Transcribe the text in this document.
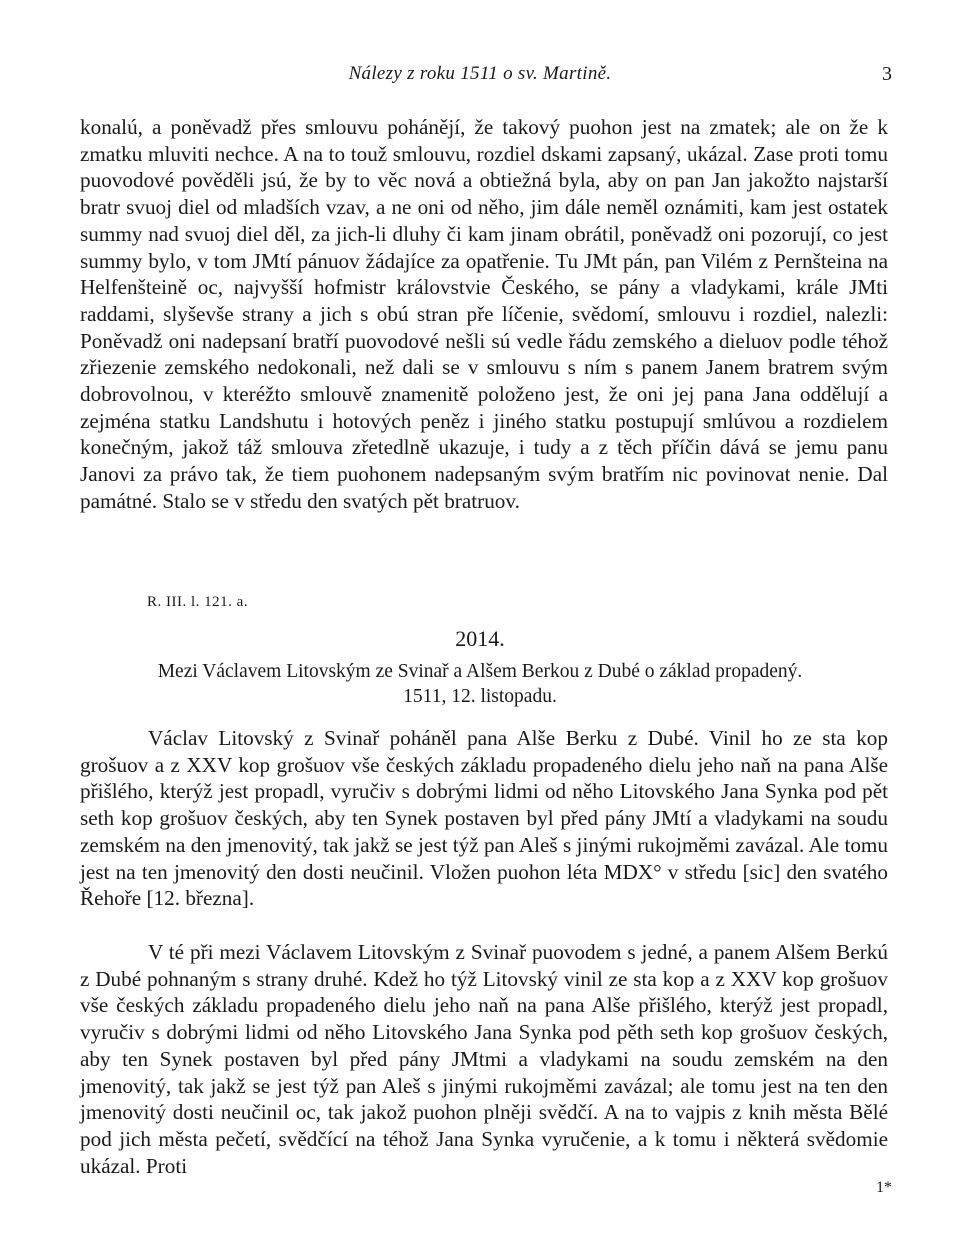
Nálezy z roku 1511 o sv. Martině.	3

konalú, a poněvadž přes smlouvu pohánějí, že takový puohon jest na zmatek; ale on že k zmatku mluviti nechce. A na to touž smlouvu, rozdiel dskami zapsaný, ukázal. Zase proti tomu puovodové pověděli jsú, že by to věc nová a obtiežná byla, aby on pan Jan jakožto najstarší bratr svuoj diel od mladších vzav, a ne oni od něho, jim dále neměl oznámiti, kam jest ostatek summy nad svuoj diel děl, za jich-li dluhy či kam jinam obrátil, poněvadž oni pozorují, co jest summy bylo, v tom JMtí pánuov žádajíce za opatřenie. Tu JMt pán, pan Vilém z Pernšteina na Helfenšteině oc, najvyšší hofmistr královstvie Českého, se pány a vladykami, krále JMti raddami, slyševše strany a jich s obú stran pře líčenie, svědomí, smlouvu i rozdiel, nalezli: Poněvadž oni nadepsaní bratří puovodové nešli sú vedle řádu zemského a dieluov podle téhož zřiezenie zemského nedokonali, než dali se v smlouvu s ním s panem Janem bratrem svým dobrovolnou, v kteréžto smlouvě znamenitě položeno jest, že oni jej pana Jana oddělují a zejména statku Landshutu i hotových peněz i jiného statku postupují smlúvou a rozdielem konečným, jakož táž smlouva zřetedlně ukazuje, i tudy a z těch příčin dává se jemu panu Janovi za právo tak, že tiem puohonem nadepsaným svým bratřím nic povinovat nenie. Dal památné. Stalo se v středu den svatých pět bratruov.

R. III. l. 121. a.
2014.
Mezi Václavem Litovským ze Svinař a Alšem Berkou z Dubé o základ propadený.
1511, 12. listopadu.

Václav Litovský z Svinař poháněl pana Alše Berku z Dubé. Vinil ho ze sta kop grošuov a z XXV kop grošuov vše českých základu propadeného dielu jeho naň na pana Alše přišlého, kterýž jest propadl, vyručiv s dobrými lidmi od něho Litovského Jana Synka pod pět seth kop grošuov českých, aby ten Synek postaven byl před pány JMtí a vladykami na soudu zemském na den jmenovitý, tak jakž se jest týž pan Aleš s jinými rukojměmi zavázal. Ale tomu jest na ten jmenovitý den dosti neučinil. Vložen puohon léta MDX° v středu [sic] den svatého Řehoře [12. března].

V té při mezi Václavem Litovským z Svinař puovodem s jedné, a panem Alšem Berkú z Dubé pohnaným s strany druhé. Kdež ho týž Litovský vinil ze sta kop a z XXV kop grošuov vše českých základu propadeného dielu jeho naň na pana Alše přišlého, kterýž jest propadl, vyručiv s dobrými lidmi od něho Litovského Jana Synka pod pěth seth kop grošuov českých, aby ten Synek postaven byl před pány JMtmi a vladykami na soudu zemském na den jmenovitý, tak jakž se jest týž pan Aleš s jinými rukojměmi zavázal; ale tomu jest na ten den jmenovitý dosti neučinil oc, tak jakož puohon plněji svědčí. A na to vajpis z knih města Bělé pod jich města pečetí, svědčící na téhož Jana Synka vyručenie, a k tomu i některá svědomie ukázal. Proti

1*
